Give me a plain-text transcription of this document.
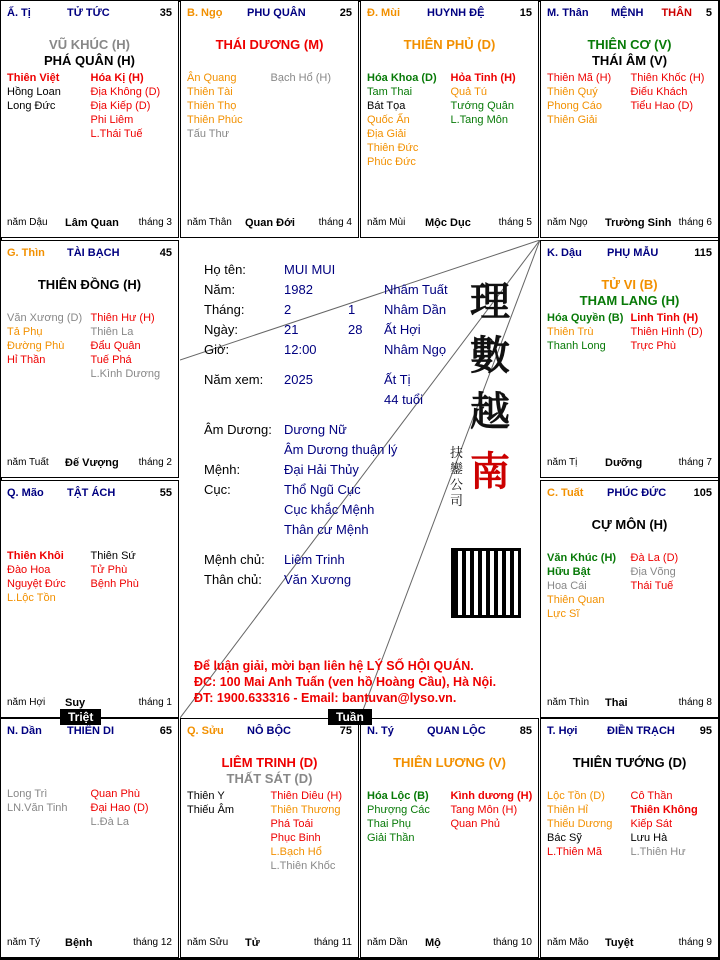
Ấ. Tị	TỬ TỨC	35
VŨ KHÚC (H)
PHÁ QUÂN (H)
Thiên Việt
Hồng Loan
Long Đức
Hóa Kị (H)
Địa Không (D)
Địa Kiếp (D)
Phi Liêm
L.Thái Tuế
năm Dậu Lâm Quan tháng 3
B. Ngọ PHU QUÂN	25
THÁI DƯƠNG (M)
Ân Quang
Thiên Tài
Thiên Thọ
Thiên Phúc
Tấu Thư
Bạch Hổ (H)
năm Thân Quan Đới tháng 4
Đ. Mùi HUYNH ĐỆ	15
THIÊN PHỦ (D)
Hóa Khoa (D)
Tam Thai
Bát Tọa
Quốc Ấn
Địa Giải
Thiên Đức
Phúc Đức
Hỏa Tinh (H)
Quả Tú
Tướng Quân
L.Tang Môn
năm Mùi Mộc Dục	tháng 5
M. Thân MỆNH THÂN 5
THIÊN CƠ (V)
THÁI ÂM (V)
Thiên Mã (H)
Thiên Quý
Phong Cáo
Thiên Giải
Thiên Khốc (H)
Điếu Khách
Tiểu Hao (D)
năm Ngọ Trường Sinh tháng 6
G. Thìn TÀI BẠCH	45
THIÊN ĐỒNG (H)
Văn Xương (D)
Tả Phụ
Đường Phù
Hỉ Thần
Thiên Hư (H)
Thiên La
Đẩu Quân
Tuế Phá
L.Kình Dương
năm Tuất Đế Vượng tháng 2
K. Dậu PHỤ MẪU	115
TỬ VI (B)
THAM LANG (H)
Hóa Quyền (B)
Thiên Trù
Thanh Long
Linh Tinh (H)
Thiên Hình (D)
Trực Phù
năm Tị	Dưỡng	tháng 7
Q. Mão TẬT ÁCH	55
Thiên Khôi
Đào Hoa
Nguyệt Đức
L.Lộc Tồn
Thiên Sứ
Tử Phù
Bệnh Phù
năm Hợi Suy	tháng 1
C. Tuất PHÚC ĐỨC 105
CỰ MÔN (H)
Văn Khúc (H)
Hữu Bật
Hoa Cái
Thiên Quan
Lực Sĩ
Đà La (D)
Địa Võng
Thái Tuế
năm Thìn Thai	tháng 8
N. Dần THIÊN DI	65
Long Trì
LN.Văn Tinh
Quan Phù
Đại Hao (D)
L.Đà La
năm Tý Bệnh	tháng 12
Q. Sửu NÔ BỘC	75
LIÊM TRINH (D)
THẤT SÁT (D)
Thiên Y
Thiếu Âm
Thiên Diêu (H)
Thiên Thương
Phá Toái
Phục Binh
L.Bạch Hổ
L.Thiên Khốc
năm Sửu Tử	tháng 11
N. Tý	QUAN LỘC	85
THIÊN LƯƠNG (V)
Hóa Lộc (B)
Phượng Các
Thai Phụ
Giải Thần
Kình dương (H)
Tang Môn (H)
Quan Phủ
năm Dần Mộ	tháng 10
T. Hợi	ĐIỀN TRẠCH 95
THIÊN TƯỚNG (D)
Lộc Tồn (D)
Thiên Hỉ
Thiếu Dương
Bác Sỹ
L.Thiên Mã
Cô Thần
Thiên Không
Kiếp Sát
Lưu Hà
L.Thiên Hư
năm Mão Tuyệt	tháng 9
Họ tên:	MUI MUI
Năm:	1982	Nhâm Tuất
Tháng:	2	1 Nhâm Dần
Ngày:	21	28 Ất Hợi
Giờ:	12:00	Nhâm Ngọ
Năm xem: 2025	Ất Tị
44 tuổi
Âm Dương: Dương Nữ
Âm Dương thuận lý
Mệnh:	Đại Hải Thủy
Cục:	Thổ Ngũ Cục
Cục khắc Mệnh
Thân cư Mệnh
Mệnh chủ: Liêm Trinh
Thân chủ: Văn Xương
理
數
越
南
扶鑾公司
Để luận giải, mời bạn liên hệ LÝ SỐ HỘI QUÁN.
ĐC: 100 Mai Anh Tuấn (ven hồ Hoàng Cầu), Hà Nội.
ĐT: 1900.633316 - Email: bantuvan@lyso.vn.
Triệt	Tuần
